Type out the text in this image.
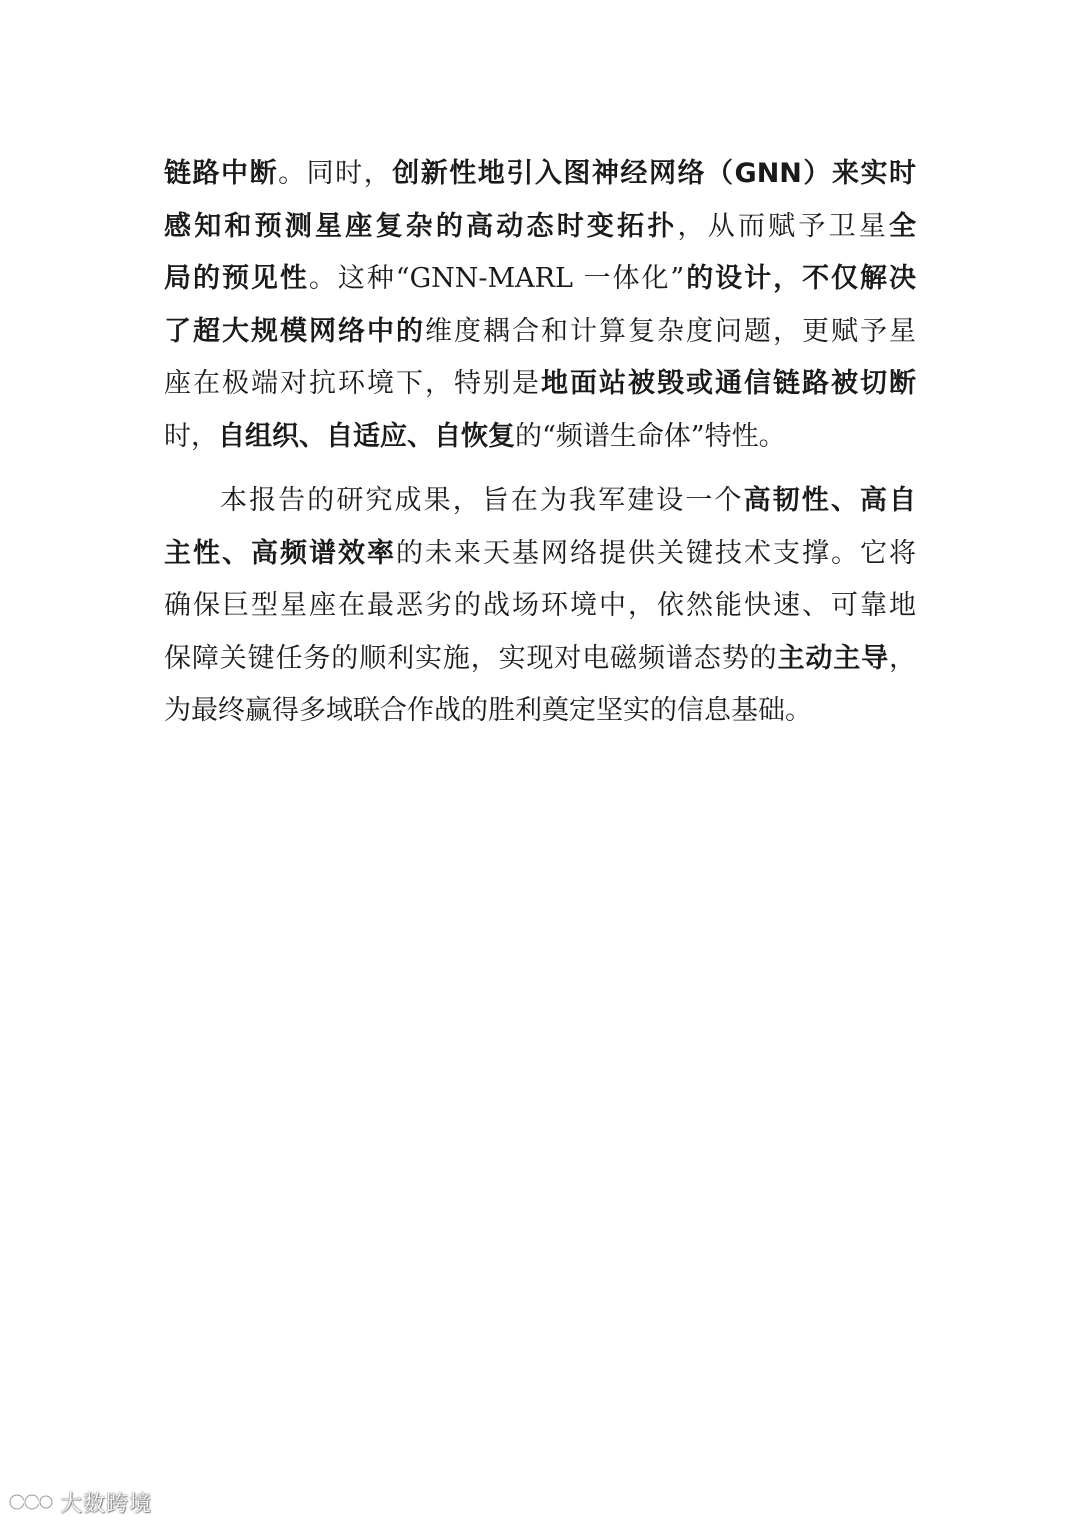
链路中断。同时，创新性地引入图神经网络（GNN）来实时
感知和预测星座复杂的高动态时变拓扑，从而赋予卫星全
局的预见性。这种“GNN-MARL 一体化”的设计，不仅解决
了超大规模网络中的维度耦合和计算复杂度问题，更赋予星
座在极端对抗环境下，特别是地面站被毁或通信链路被切断
时，自组织、自适应、自恢复的“频谱生命体”特性。
本报告的研究成果，旨在为我军建设一个高韧性、高自
主性、高频谱效率的未来天基网络提供关键技术支撑。它将
确保巨型星座在最恶劣的战场环境中，依然能快速、可靠地
保障关键任务的顺利实施，实现对电磁频谱态势的主动主导，
为最终赢得多域联合作战的胜利奠定坚实的信息基础。
大数跨境
